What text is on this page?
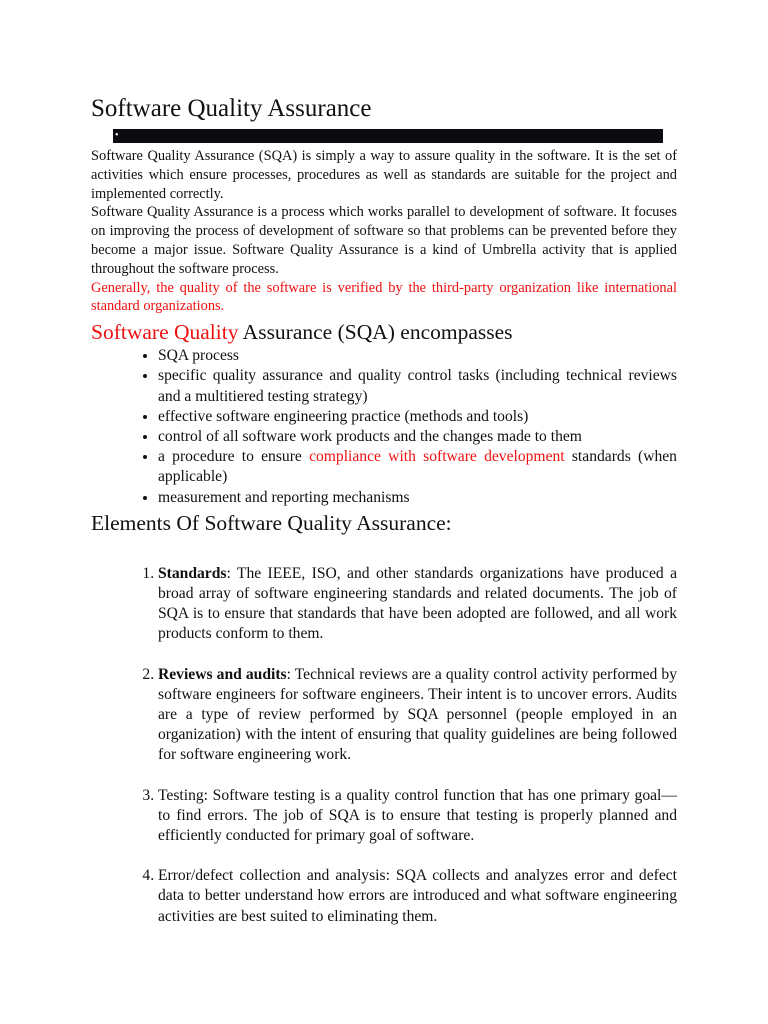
Software Quality Assurance
•

Software Quality Assurance (SQA) is simply a way to assure quality in the software. It is the set of activities which ensure processes, procedures as well as standards are suitable for the project and implemented correctly.

Software Quality Assurance is a process which works parallel to development of software. It focuses on improving the process of development of software so that problems can be prevented before they become a major issue. Software Quality Assurance is a kind of Umbrella activity that is applied throughout the software process.

Generally, the quality of the software is verified by the third-party organization like international standard organizations.

Software Quality Assurance (SQA) encompasses
• SQA process
• specific quality assurance and quality control tasks (including technical reviews and a multitiered testing strategy)
• effective software engineering practice (methods and tools)
• control of all software work products and the changes made to them
• a procedure to ensure compliance with software development standards (when applicable)
• measurement and reporting mechanisms
Elements Of Software Quality Assurance:
1. Standards: The IEEE, ISO, and other standards organizations have produced a broad array of software engineering standards and related documents. The job of SQA is to ensure that standards that have been adopted are followed, and all work products conform to them.
2. Reviews and audits: Technical reviews are a quality control activity performed by software engineers for software engineers. Their intent is to uncover errors. Audits are a type of review performed by SQA personnel (people employed in an organization) with the intent of ensuring that quality guidelines are being followed for software engineering work.
3. Testing: Software testing is a quality control function that has one primary goal—to find errors. The job of SQA is to ensure that testing is properly planned and efficiently conducted for primary goal of software.
4. Error/defect collection and analysis: SQA collects and analyzes error and defect data to better understand how errors are introduced and what software engineering activities are best suited to eliminating them.
